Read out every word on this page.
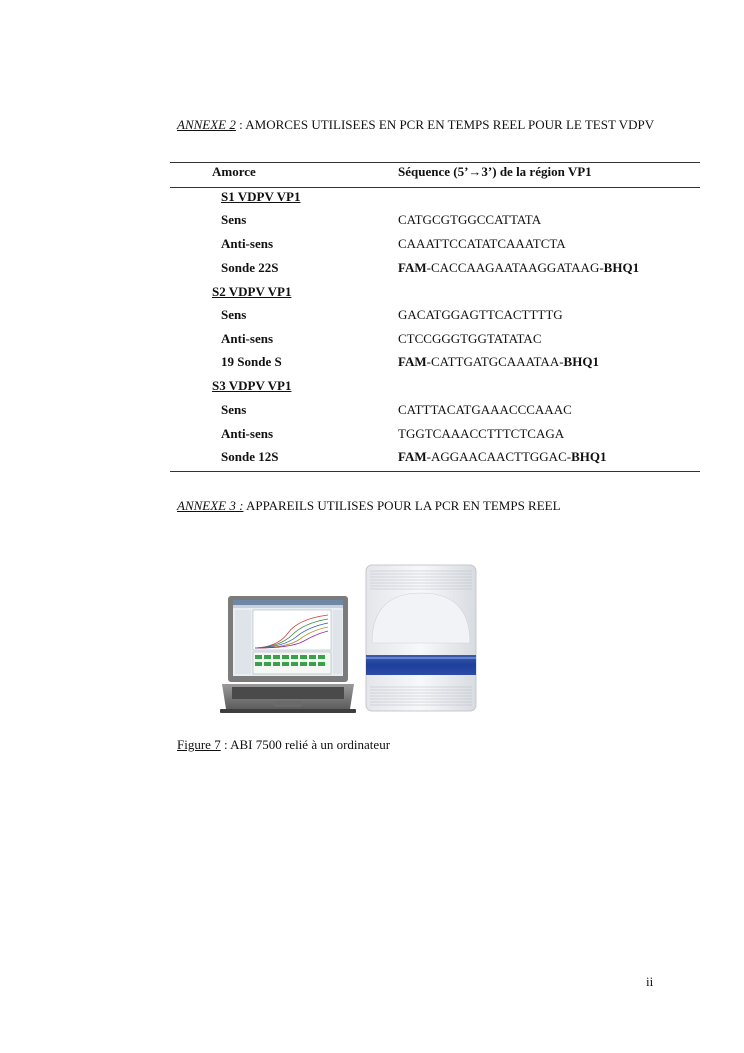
ANNEXE 2 : AMORCES UTILISEES EN PCR EN TEMPS REEL POUR LE TEST VDPV
Amorce	Séquence (5’→3’) de la région VP1
S1 VDPV VP1
Sens	CATGCGTGGCCATTATA
Anti-sens	CAAATTCCATATCAAATCTA
Sonde 22S	FAM-CACCAAGAATAAGGATAAG-BHQ1
S2 VDPV VP1
Sens	GACATGGAGTTCACTTTTG
Anti-sens	CTCCGGGTGGTATATAC
19 Sonde S	FAM-CATTGATGCAAATAA-BHQ1
S3 VDPV VP1
Sens	CATTTACATGAAACCCAAAC
Anti-sens	TGGTCAAACCTTTCTCAGA
Sonde 12S	FAM-AGGAACAACTTGGAC-BHQ1
ANNEXE 3 : APPAREILS UTILISES POUR LA PCR EN TEMPS REEL
Figure 7 : ABI 7500 relié à un ordinateur
ii
